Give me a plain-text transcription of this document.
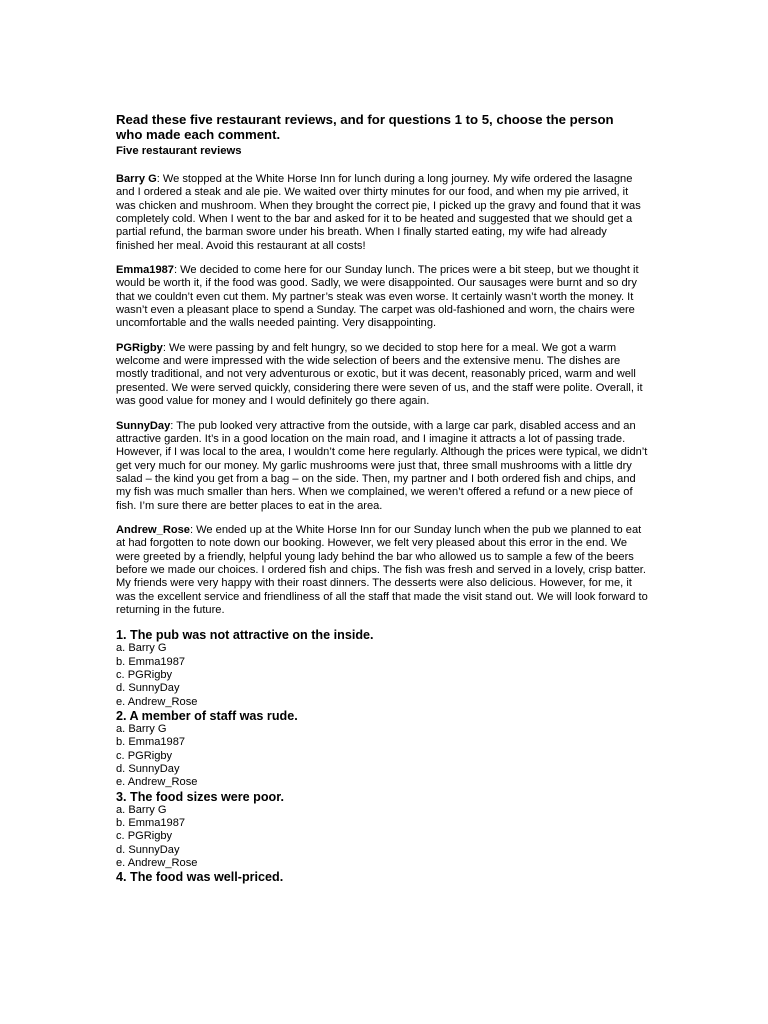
Read these five restaurant reviews, and for questions 1 to 5, choose the person
who made each comment.

Five restaurant reviews

Barry G: We stopped at the White Horse Inn for lunch during a long journey. My wife ordered the lasagne and I ordered a steak and ale pie. We waited over thirty minutes for our food, and when my pie arrived, it was chicken and mushroom. When they brought the correct pie, I picked up the gravy and found that it was completely cold. When I went to the bar and asked for it to be heated and suggested that we should get a partial refund, the barman swore under his breath. When I finally started eating, my wife had already finished her meal. Avoid this restaurant at all costs!

Emma1987: We decided to come here for our Sunday lunch. The prices were a bit steep, but we thought it would be worth it, if the food was good. Sadly, we were disappointed. Our sausages were burnt and so dry that we couldn’t even cut them. My partner’s steak was even worse. It certainly wasn’t worth the money. It wasn’t even a pleasant place to spend a Sunday. The carpet was old-fashioned and worn, the chairs were uncomfortable and the walls needed painting. Very disappointing.

PGRigby: We were passing by and felt hungry, so we decided to stop here for a meal. We got a warm welcome and were impressed with the wide selection of beers and the extensive menu. The dishes are mostly traditional, and not very adventurous or exotic, but it was decent, reasonably priced, warm and well presented. We were served quickly, considering there were seven of us, and the staff were polite. Overall, it was good value for money and I would definitely go there again.

SunnyDay: The pub looked very attractive from the outside, with a large car park, disabled access and an attractive garden. It’s in a good location on the main road, and I imagine it attracts a lot of passing trade. However, if I was local to the area, I wouldn’t come here regularly. Although the prices were typical, we didn’t get very much for our money. My garlic mushrooms were just that, three small mushrooms with a little dry salad – the kind you get from a bag – on the side. Then, my partner and I both ordered fish and chips, and my fish was much smaller than hers. When we complained, we weren’t offered a refund or a new piece of fish. I’m sure there are better places to eat in the area.

Andrew_Rose: We ended up at the White Horse Inn for our Sunday lunch when the pub we planned to eat at had forgotten to note down our booking. However, we felt very pleased about this error in the end. We were greeted by a friendly, helpful young lady behind the bar who allowed us to sample a few of the beers before we made our choices. I ordered fish and chips. The fish was fresh and served in a lovely, crisp batter. My friends were very happy with their roast dinners. The desserts were also delicious. However, for me, it was the excellent service and friendliness of all the staff that made the visit stand out. We will look forward to returning in the future.

1. The pub was not attractive on the inside.

a. Barry G
b. Emma1987
c. PGRigby
d. SunnyDay
e. Andrew_Rose

2. A member of staff was rude.

a. Barry G
b. Emma1987
c. PGRigby
d. SunnyDay
e. Andrew_Rose

3. The food sizes were poor.

a. Barry G
b. Emma1987
c. PGRigby
d. SunnyDay
e. Andrew_Rose

4. The food was well-priced.
